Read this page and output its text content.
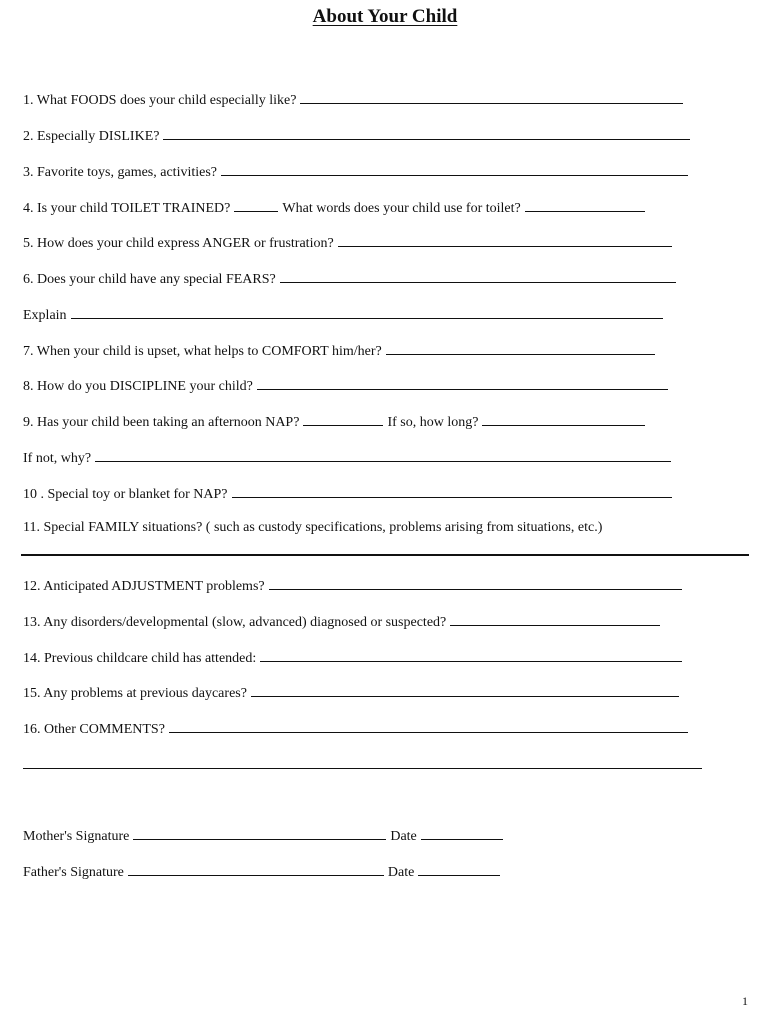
About Your Child
1. What FOODS does your child especially like?
2. Especially DISLIKE?
3. Favorite toys, games, activities?
4. Is your child TOILET TRAINED?	What words does your child use for toilet?
5. How does your child express ANGER or frustration?
6. Does your child have any special FEARS?
Explain
7. When your child is upset, what helps to COMFORT him/her?
8. How do you DISCIPLINE your child?
9. Has your child been taking an afternoon NAP?	If so, how long?
If not, why?
10 . Special toy or blanket for NAP?
11. Special FAMILY situations? ( such as custody specifications, problems arising from situations, etc.)
12. Anticipated ADJUSTMENT problems?
13. Any disorders/developmental (slow, advanced) diagnosed or suspected?
14. Previous childcare child has attended:
15. Any problems at previous daycares?
16. Other COMMENTS?
Mother's Signature	Date
Father's Signature	Date
1
